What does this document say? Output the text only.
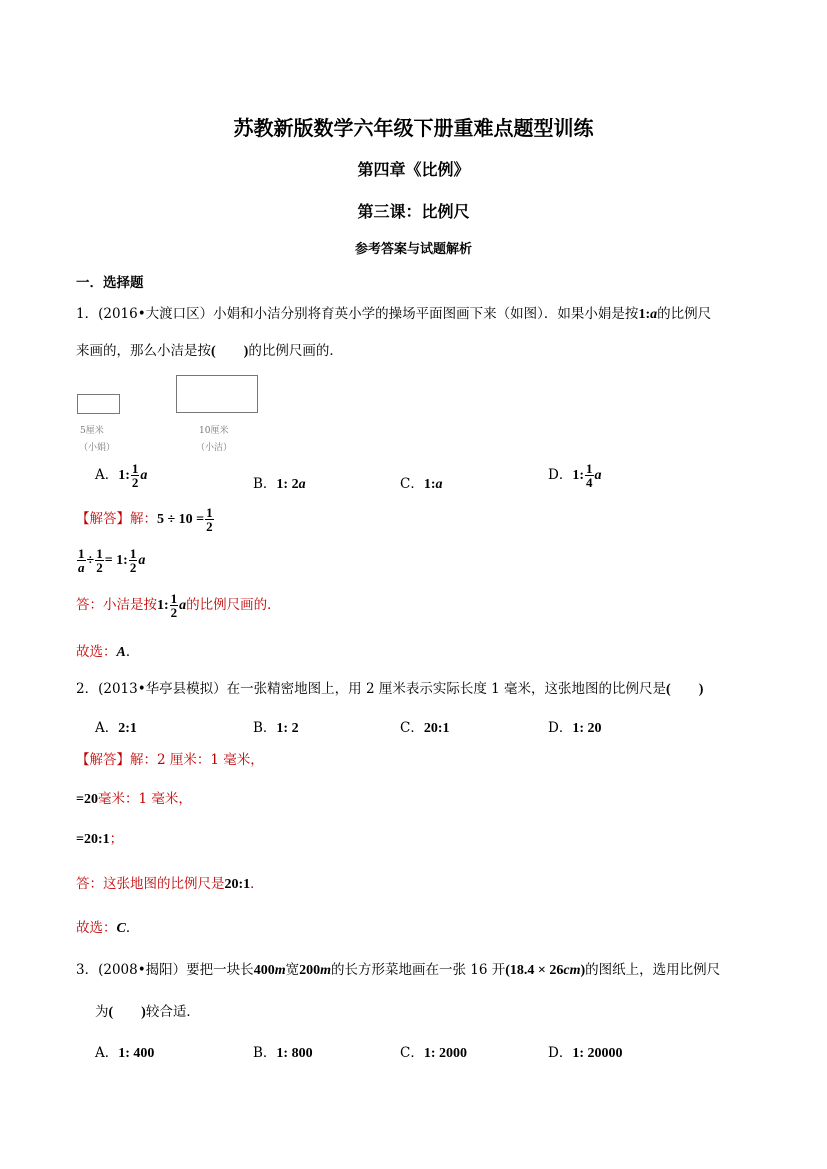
苏教新版数学六年级下册重难点题型训练
第四章《比例》
第三课：比例尺
参考答案与试题解析
一．选择题
1．(2016•大渡口区）小娟和小洁分别将育英小学的操场平面图画下来（如图）．如果小娟是按1:a的比例尺
来画的，那么小洁是按(　　)的比例尺画的．
5厘米
（小娟）
10厘米
（小洁）
A．1: $\frac{1}{2}$ a
B．1: 2a	C．1:a
D．1: $\frac{1}{4}$ a
【解答】解：$5 \div 10 = \frac{1}{2}$
$\frac{1}{a} \div \frac{1}{2} = 1$: $\frac{1}{2}$ a
答：小洁是按1: $\frac{1}{2}$ a的比例尺画的．
故选：A．
2．(2013•华亭县模拟）在一张精密地图上，用 2 厘米表示实际长度 1 毫米，这张地图的比例尺是(　　)
A．2:1	B．1: 2	C．20:1	D．1: 20
【解答】解：2 厘米：1 毫米，
=20毫米：1 毫米，
=20:1；
答：这张地图的比例尺是20:1．
故选：C．
3．(2008•揭阳）要把一块长400m宽200m的长方形菜地画在一张 16 开(18.4 × 26cm)的图纸上，选用比例尺
为(　　)较合适．
A．1: 400	B．1: 800	C．1: 2000	D．1: 20000
